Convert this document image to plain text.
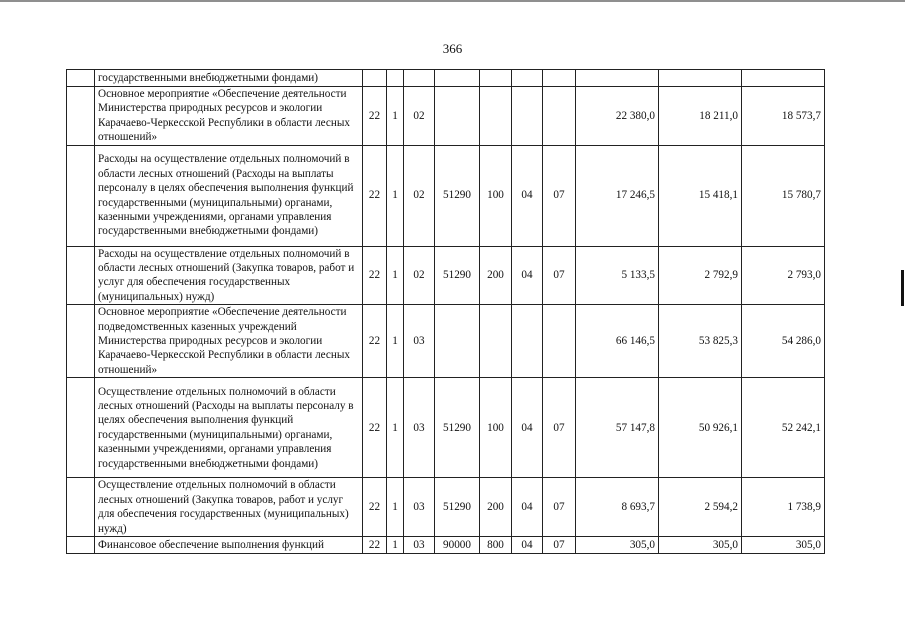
366
	государственными внебюджетными фондами)										
	Основное мероприятие «Обеспечение деятельности Министерства природных ресурсов и экологии Карачаево-Черкесской Республики в области лесных отношений»	22	1	02					22 380,0	18 211,0	18 573,7
	Расходы на осуществление отдельных полномочий в области лесных отношений (Расходы на выплаты персоналу в целях обеспечения выполнения функций государственными (муниципальными) органами, казенными учреждениями, органами управления государственными внебюджетными фондами)	22	1	02	51290	100	04	07	17 246,5	15 418,1	15 780,7
	Расходы на осуществление отдельных полномочий в области лесных отношений (Закупка товаров, работ и услуг для обеспечения государственных (муниципальных) нужд)	22	1	02	51290	200	04	07	5 133,5	2 792,9	2 793,0
	Основное мероприятие «Обеспечение деятельности подведомственных казенных учреждений Министерства природных ресурсов и экологии Карачаево-Черкесской Республики в области лесных отношений»	22	1	03					66 146,5	53 825,3	54 286,0
	Осуществление отдельных полномочий в области лесных отношений (Расходы на выплаты персоналу в целях обеспечения выполнения функций государственными (муниципальными) органами, казенными учреждениями, органами управления государственными внебюджетными фондами)	22	1	03	51290	100	04	07	57 147,8	50 926,1	52 242,1
	Осуществление отдельных полномочий в области лесных отношений (Закупка товаров, работ и услуг для обеспечения государственных (муниципальных) нужд)	22	1	03	51290	200	04	07	8 693,7	2 594,2	1 738,9
	Финансовое обеспечение выполнения функций	22	1	03	90000	800	04	07	305,0	305,0	305,0
